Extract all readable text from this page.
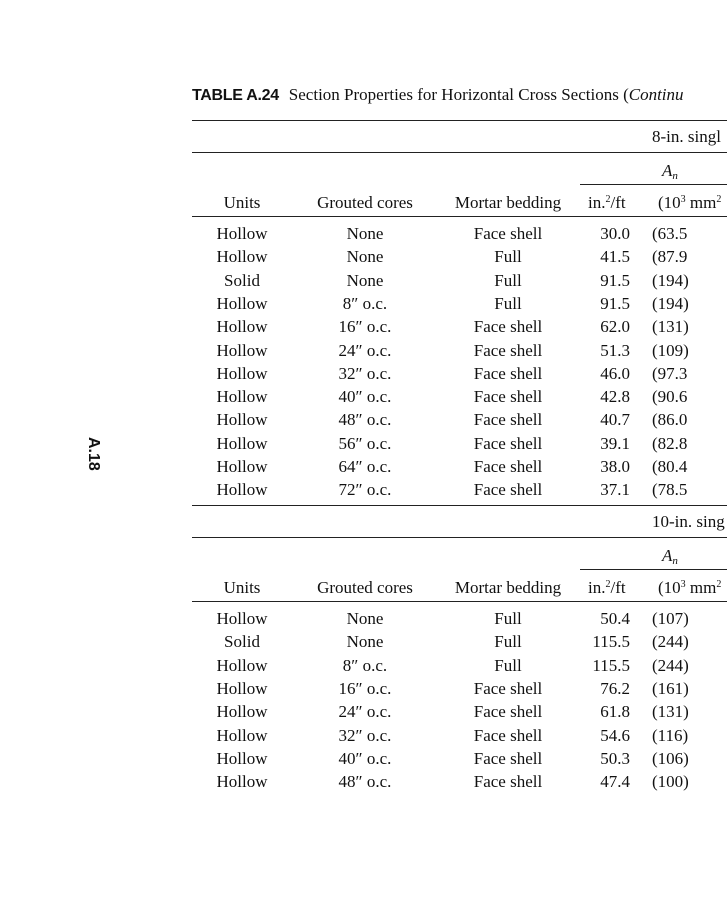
A.18
TABLE A.24 Section Properties for Horizontal Cross Sections (Continu
8-in. singl
$A_n$
Units	Grouted cores	Mortar bedding	in.$^2$/ft ($10^3$ $mm^2$
Hollow	None	Face shell	30.0 (63.5
Hollow	None	Full	41.5 (87.9
Solid	None	Full	91.5 (194)
Hollow	8″ o.c.	Full	91.5 (194)
Hollow	16″ o.c.	Face shell	62.0 (131)
Hollow	24″ o.c.	Face shell	51.3 (109)
Hollow	32″ o.c.	Face shell	46.0 (97.3
Hollow	40″ o.c.	Face shell	42.8 (90.6
Hollow	48″ o.c.	Face shell	40.7 (86.0
Hollow	56″ o.c.	Face shell	39.1 (82.8
Hollow	64″ o.c.	Face shell	38.0 (80.4
Hollow	72″ o.c.	Face shell	37.1 (78.5
10-in. sing
$A_n$
Units	Grouted cores	Mortar bedding	in.$^2$/ft ($10^3$ $mm^2$
Hollow	None	Full	50.4 (107)
Solid	None	Full	115.5 (244)
Hollow	8″ o.c.	Full	115.5 (244)
Hollow	16″ o.c.	Face shell	76.2 (161)
Hollow	24″ o.c.	Face shell	61.8 (131)
Hollow	32″ o.c.	Face shell	54.6 (116)
Hollow	40″ o.c.	Face shell	50.3 (106)
Hollow	48″ o.c.	Face shell	47.4 (100)
